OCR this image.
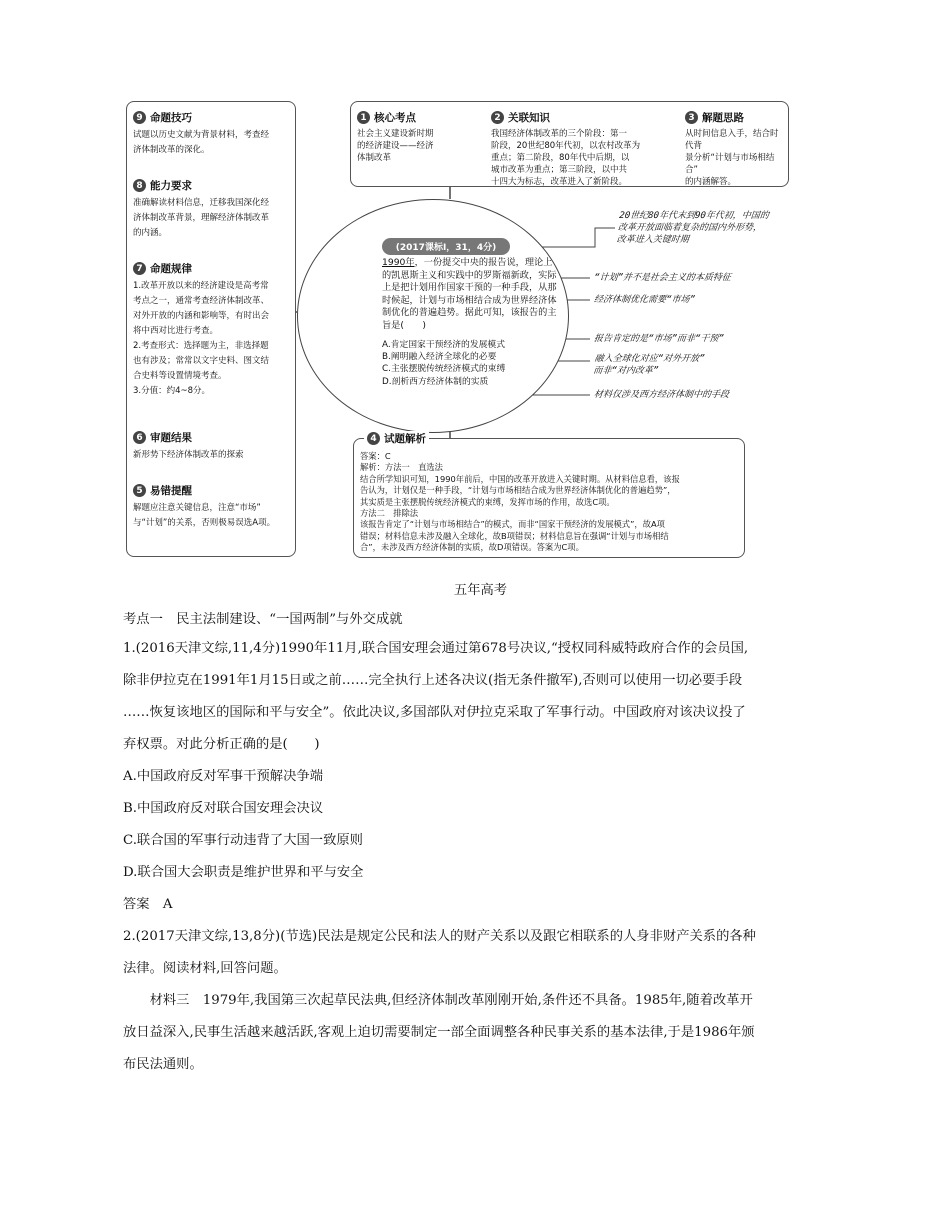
9 命题技巧
试题以历史文献为背景材料，考查经
济体制改革的深化。
8 能力要求
准确解读材料信息，迁移我国深化经
济体制改革背景，理解经济体制改革
的内涵。
7 命题规律
1.改革开放以来的经济建设是高考常
考点之一，通常考查经济体制改革、
对外开放的内涵和影响等，有时出会
将中西对比进行考查。
2.考查形式：选择题为主，非选择题
也有涉及；常常以文字史料、图文结
合史料等设置情境考查。
3.分值：约4~8分。
6 审题结果
新形势下经济体制改革的探索
5 易错提醒
解题应注意关键信息，注意“市场”
与“计划”的关系，否则极易误选A项。
1 核心考点
社会主义建设新时期
的经济建设——经济
体制改革
2 关联知识
我国经济体制改革的三个阶段：第一
阶段，20世纪80年代初，以农村改革为
重点；第二阶段，80年代中后期，以
城市改革为重点；第三阶段，以中共
十四大为标志，改革进入了新阶段。
3 解题思路
从时间信息入手，结合时代背
景分析“计划与市场相结合”
的内涵解答。
(2017课标Ⅰ，31，4分)
1990年，一份提交中央的报告说，理论上的凯恩斯主义和实践中的罗斯福新政，实际上是把计划用作国家干预的一种手段，从那时候起，计划与市场相结合成为世界经济体制优化的普遍趋势。据此可知，该报告的主旨是(　　)
A.肯定国家干预经济的发展模式
B.阐明融入经济全球化的必要
C.主张摆脱传统经济模式的束缚
D.剖析西方经济体制的实质
20世纪80年代末到90年代初，中国的
改革开放面临着复杂的国内外形势，
改革进入关键时期
“计划”并不是社会主义的本质特征
经济体制优化需要“市场”
报告肯定的是“市场”而非“干预”
融入全球化对应“对外开放”
而非“对内改革”
材料仅涉及西方经济体制中的手段
4 试题解析
答案：C
解析：方法一　直选法
结合所学知识可知，1990年前后，中国的改革开放进入关键时期。从材料信息看，该报
告认为，计划仅是一种手段，“计划与市场相结合成为世界经济体制优化的普遍趋势”，
其实质是主张摆脱传统经济模式的束缚，发挥市场的作用，故选C项。
方法二　排除法
该报告肯定了“计划与市场相结合”的模式，而非“国家干预经济的发展模式”，故A项
错误；材料信息未涉及融入全球化，故B项错误；材料信息旨在强调“计划与市场相结
合”，未涉及西方经济体制的实质，故D项错误。答案为C项。

五年高考

考点一　民主法制建设、“一国两制”与外交成就

1.(2016天津文综,11,4分)1990年11月,联合国安理会通过第678号决议,“授权同科威特政府合作的会员国,

除非伊拉克在1991年1月15日或之前……完全执行上述各决议(指无条件撤军),否则可以使用一切必要手段

……恢复该地区的国际和平与安全”。依此决议,多国部队对伊拉克采取了军事行动。中国政府对该决议投了

弃权票。对此分析正确的是(　　)

A.中国政府反对军事干预解决争端

B.中国政府反对联合国安理会决议

C.联合国的军事行动违背了大国一致原则

D.联合国大会职责是维护世界和平与安全

答案　A

2.(2017天津文综,13,8分)(节选)民法是规定公民和法人的财产关系以及跟它相联系的人身非财产关系的各种

法律。阅读材料,回答问题。

材料三　1979年,我国第三次起草民法典,但经济体制改革刚刚开始,条件还不具备。1985年,随着改革开

放日益深入,民事生活越来越活跃,客观上迫切需要制定一部全面调整各种民事关系的基本法律,于是1986年颁

布民法通则。
